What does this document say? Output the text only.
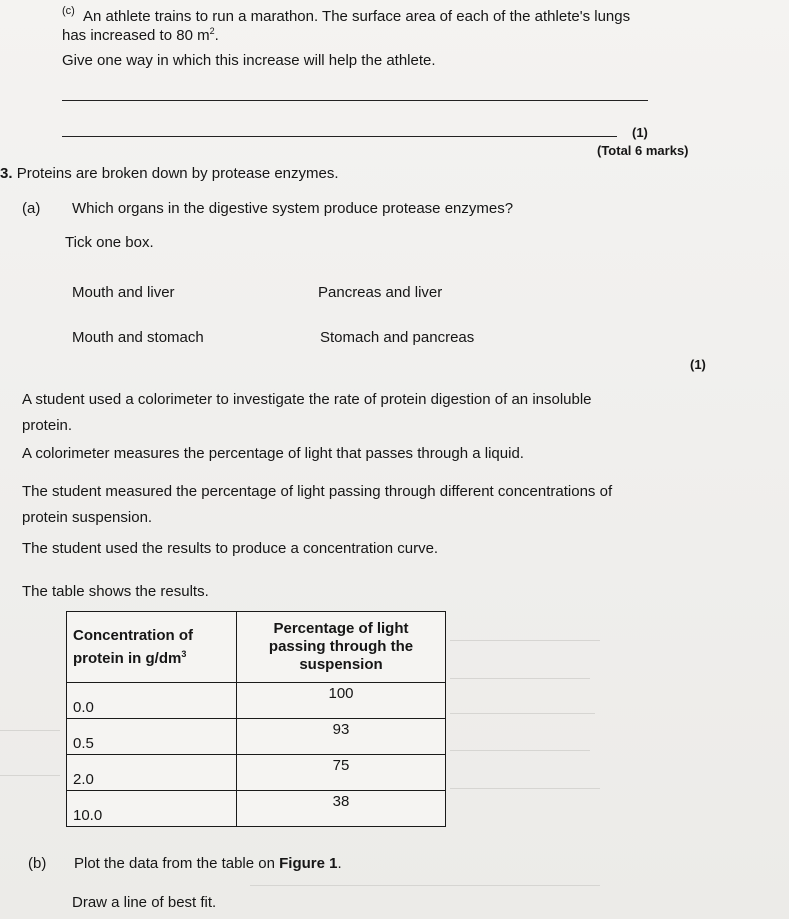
(c) An athlete trains to run a marathon. The surface area of each of the athlete's lungs
has increased to 80 $m^2$.
Give one way in which this increase will help the athlete.
(1)
(Total 6 marks)
3. Proteins are broken down by protease enzymes.
(a) Which organs in the digestive system produce protease enzymes?
Tick one box.
Mouth and liver	Pancreas and liver
Mouth and stomach	Stomach and pancreas
(1)
A student used a colorimeter to investigate the rate of protein digestion of an insoluble
protein.
A colorimeter measures the percentage of light that passes through a liquid.
The student measured the percentage of light passing through different concentrations of
protein suspension.
The student used the results to produce a concentration curve.
The table shows the results.
Concentration of
protein in $g/dm^3$	Percentage of light
passing through the
suspension
0.0	100
0.5	93
2.0	75
10.0	38
(b) Plot the data from the table on Figure 1.
Draw a line of best fit.
